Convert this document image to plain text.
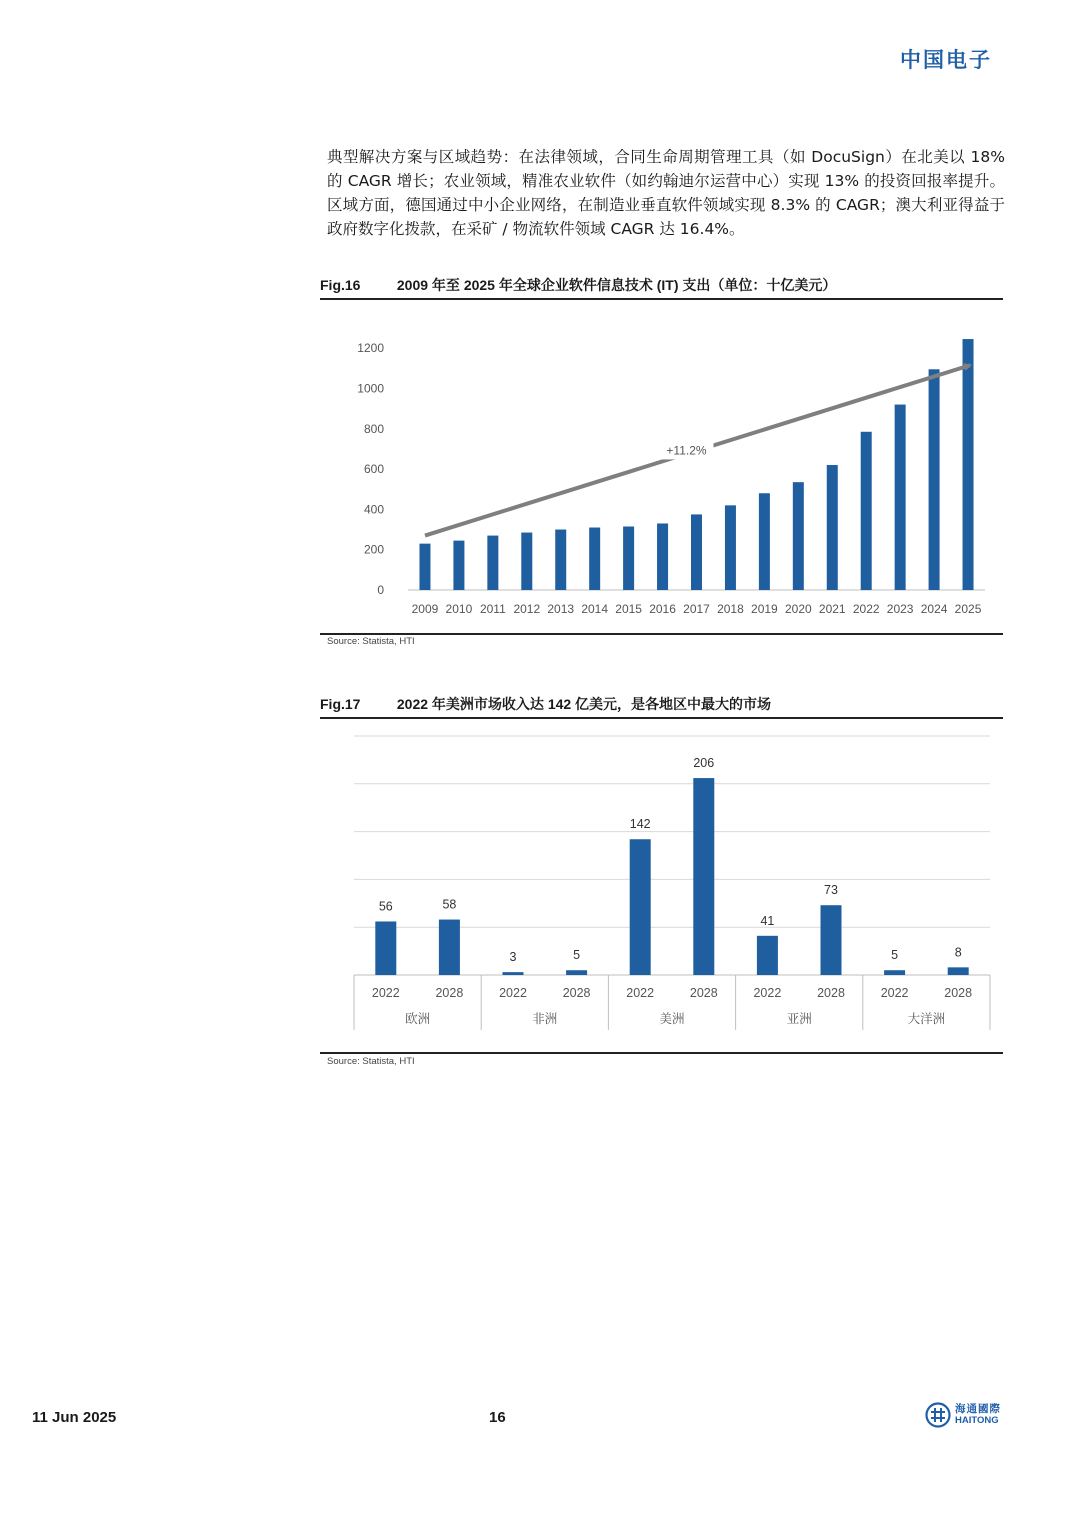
中国电子
典型解决方案与区域趋势：在法律领域，合同生命周期管理工具（如 DocuSign）在北美以 18% 的 CAGR 增长；农业领域，精准农业软件（如约翰迪尔运营中心）实现 13% 的投资回报率提升。区域方面，德国通过中小企业网络，在制造业垂直软件领域实现 8.3% 的 CAGR；澳大利亚得益于政府数字化拨款，在采矿 / 物流软件领域 CAGR 达 16.4%。
Fig.16	2009 年至 2025 年全球企业软件信息技术 (IT) 支出（单位：十亿美元）
0
200
400
600
800
1000
1200
2009 2010 2011 2012 2013 2014 2015 2016 2017 2018 2019 2020 2021 2022 2023 2024 2025
+11.2%
Source: Statista, HTI
Fig.17	2022 年美洲市场收入达 142 亿美元，是各地区中最大的市场
56
2022
58
2028
欧洲
3
2022
5
2028
非洲
142
2022
206
2028
美洲
41
2022
73
2028
亚洲
5
2022
8
2028
大洋洲
Source: Statista, HTI
11 Jun 2025	16	海通國際
HAITONG
